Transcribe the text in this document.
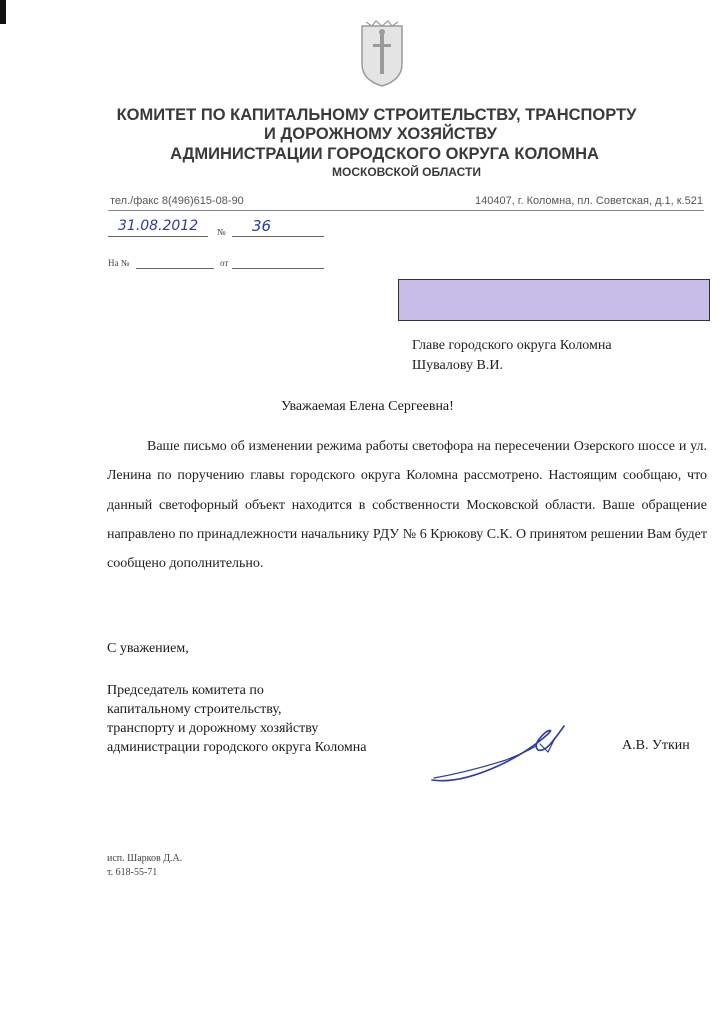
КОМИТЕТ ПО КАПИТАЛЬНОМУ СТРОИТЕЛЬСТВУ, ТРАНСПОРТУ
И ДОРОЖНОМУ ХОЗЯЙСТВУ
АДМИНИСТРАЦИИ ГОРОДСКОГО ОКРУГА КОЛОМНА
МОСКОВСКОЙ ОБЛАСТИ
тел./факс 8(496)615-08-90	140407, г. Коломна, пл. Советская, д.1, к.521
31.08.2012 № 36
На №	от
Главе городского округа Коломна
Шувалову В.И.
Уважаемая Елена Сергеевна!
Ваше письмо об изменении режима работы светофора на пересечении Озерского шоссе и ул. Ленина по поручению главы городского округа Коломна рассмотрено. Настоящим сообщаю, что данный светофорный объект находится в собственности Московской области. Ваше обращение направлено по принадлежности начальнику РДУ № 6 Крюкову С.К. О принятом решении Вам будет сообщено дополнительно.
С уважением,
Председатель комитета по
капитальному строительству,
транспорту и дорожному хозяйству
администрации городского округа Коломна	А.В. Уткин
исп. Шарков Д.А.
т. 618-55-71
